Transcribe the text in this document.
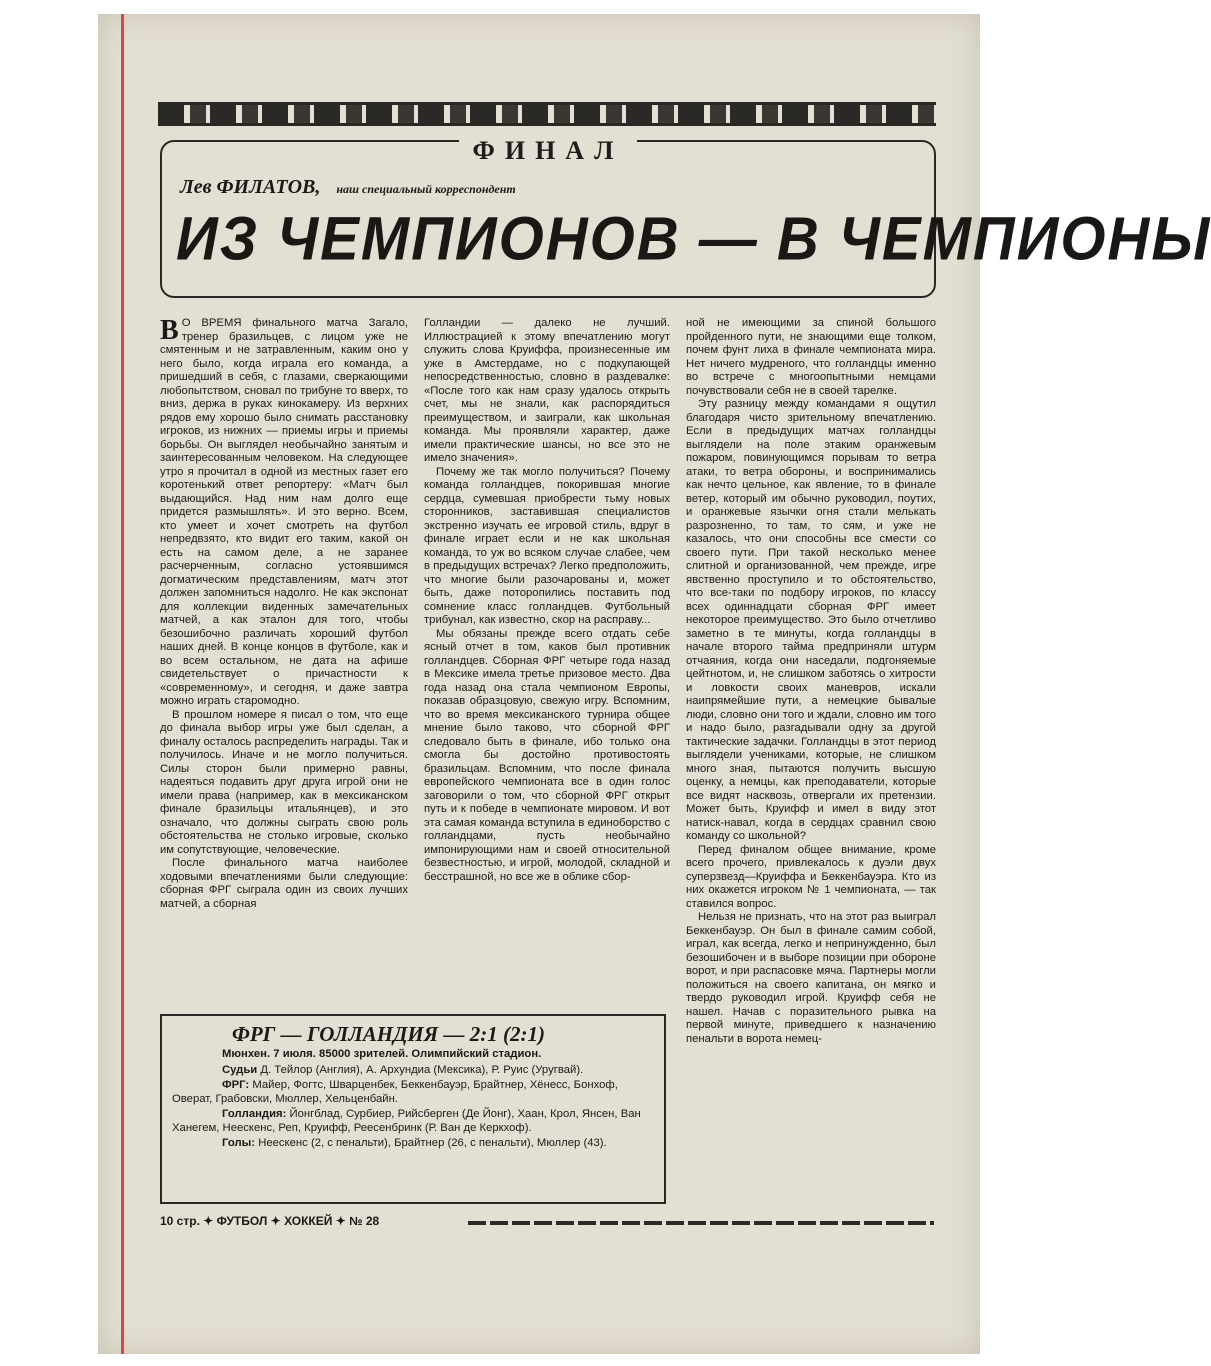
ФИНАЛ
Лев ФИЛАТОВ, наш специальный корреспондент
ИЗ ЧЕМПИОНОВ — В ЧЕМПИОНЫ

В О ВРЕМЯ финального матча Загало, тренер бразильцев, с лицом уже не смятенным и не затравленным, каким оно у него было, когда играла его команда, а пришедший в себя, с глазами, сверкающими любопытством, сновал по трибуне то вверх, то вниз, держа в руках кинокамеру. Из верхних рядов ему хорошо было снимать расстановку игроков, из нижних — приемы игры и приемы борьбы. Он выглядел необычайно занятым и заинтересованным человеком. На следующее утро я прочитал в одной из местных газет его коротенький ответ репортеру: «Матч был выдающийся. Над ним нам долго еще придется размышлять». И это верно. Всем, кто умеет и хочет смотреть на футбол непредвзято, кто видит его таким, какой он есть на самом деле, а не заранее расчерченным, согласно устоявшимся догматическим представлениям, матч этот должен запомниться надолго. Не как экспонат для коллекции виденных замечательных матчей, а как эталон для того, чтобы безошибочно различать хороший футбол наших дней. В конце концов в футболе, как и во всем остальном, не дата на афише свидетельствует о причастности к «современному», и сегодня, и даже завтра можно играть старомодно.

В прошлом номере я писал о том, что еще до финала выбор игры уже был сделан, а финалу осталось распределить награды. Так и получилось. Иначе и не могло получиться. Силы сторон были примерно равны, надеяться подавить друг друга игрой они не имели права (например, как в мексиканском финале бразильцы итальянцев), и это означало, что должны сыграть свою роль обстоятельства не столько игровые, сколько им сопутствующие, человеческие.

После финального матча наиболее ходовыми впечатлениями были следующие: сборная ФРГ сыграла один из своих лучших матчей, а сборная

Голландии — далеко не лучший. Иллюстрацией к этому впечатлению могут служить слова Круиффа, произнесенные им уже в Амстердаме, но с подкупающей непосредственностью, словно в раздевалке: «После того как нам сразу удалось открыть счет, мы не знали, как распорядиться преимуществом, и заиграли, как школьная команда. Мы проявляли характер, даже имели практические шансы, но все это не имело значения».

Почему же так могло получиться? Почему команда голландцев, покорившая многие сердца, сумевшая приобрести тьму новых сторонников, заставившая специалистов экстренно изучать ее игровой стиль, вдруг в финале играет если и не как школьная команда, то уж во всяком случае слабее, чем в предыдущих встречах? Легко предположить, что многие были разочарованы и, может быть, даже поторопились поставить под сомнение класс голландцев. Футбольный трибунал, как известно, скор на расправу...

Мы обязаны прежде всего отдать себе ясный отчет в том, каков был противник голландцев. Сборная ФРГ четыре года назад в Мексике имела третье призовое место. Два года назад она стала чемпионом Европы, показав образцовую, свежую игру. Вспомним, что во время мексиканского турнира общее мнение было таково, что сборной ФРГ следовало быть в финале, ибо только она смогла бы достойно противостоять бразильцам. Вспомним, что после финала европейского чемпионата все в один голос заговорили о том, что сборной ФРГ открыт путь и к победе в чемпионате мировом. И вот эта самая команда вступила в единоборство с голландцами, пусть необычайно импонирующими нам и своей относительной безвестностью, и игрой, молодой, складной и бесстрашной, но все же в облике сбор-

ной не имеющими за спиной большого пройденного пути, не знающими еще толком, почем фунт лиха в финале чемпионата мира. Нет ничего мудреного, что голландцы именно во встрече с многоопытными немцами почувствовали себя не в своей тарелке.

Эту разницу между командами я ощутил благодаря чисто зрительному впечатлению. Если в предыдущих матчах голландцы выглядели на поле этаким оранжевым пожаром, повинующимся порывам то ветра атаки, то ветра обороны, и воспринимались как нечто цельное, как явление, то в финале ветер, который им обычно руководил, поутих, и оранжевые язычки огня стали мелькать разрозненно, то там, то сям, и уже не казалось, что они способны все смести со своего пути. При такой несколько менее слитной и организованной, чем прежде, игре явственно проступило и то обстоятельство, что все-таки по подбору игроков, по классу всех одиннадцати сборная ФРГ имеет некоторое преимущество. Это было отчетливо заметно в те минуты, когда голландцы в начале второго тайма предприняли штурм отчаяния, когда они наседали, подгоняемые цейтнотом, и, не слишком заботясь о хитрости и ловкости своих маневров, искали наипрямейшие пути, а немецкие бывалые люди, словно они того и ждали, словно им того и надо было, разгадывали одну за другой тактические задачки. Голландцы в этот период выглядели учениками, которые, не слишком много зная, пытаются получить высшую оценку, а немцы, как преподаватели, которые все видят насквозь, отвергали их претензии. Может быть, Круифф и имел в виду этот натиск-навал, когда в сердцах сравнил свою команду со школьной?

Перед финалом общее внимание, кроме всего прочего, привлекалось к дуэли двух суперзвезд—Круиффа и Беккенбауэра. Кто из них окажется игроком № 1 чемпионата, — так ставился вопрос.

Нельзя не признать, что на этот раз выиграл Беккенбауэр. Он был в финале самим собой, играл, как всегда, легко и непринужденно, был безошибочен и в выборе позиции при обороне ворот, и при распасовке мяча. Партнеры могли положиться на своего капитана, он мягко и твердо руководил игрой. Круифф себя не нашел. Начав с поразительного рывка на первой минуте, приведшего к назначению пенальти в ворота немец-

ФРГ — ГОЛЛАНДИЯ — 2:1 (2:1)

Мюнхен. 7 июля. 85000 зрителей. Олимпийский стадион.

Судьи Д. Тейлор (Англия), А. Архундиа (Мексика), Р. Руис (Уругвай).

ФРГ: Майер, Фогтс, Шварценбек, Беккенбауэр, Брайтнер, Хёнесс, Бонхоф, Оверат, Грабовски, Мюллер, Хельценбайн.

Голландия: Йонгблад, Сурбиер, Рийсберген (Де Йонг), Хаан, Крол, Янсен, Ван Ханегем, Неескенс, Реп, Круифф, Реесенбринк (Р. Ван де Керкхоф).

Голы: Неескенс (2, с пенальти), Брайтнер (26, с пенальти), Мюллер (43).

10 стр. ✦ ФУТБОЛ ✦ ХОККЕЙ ✦ № 28
